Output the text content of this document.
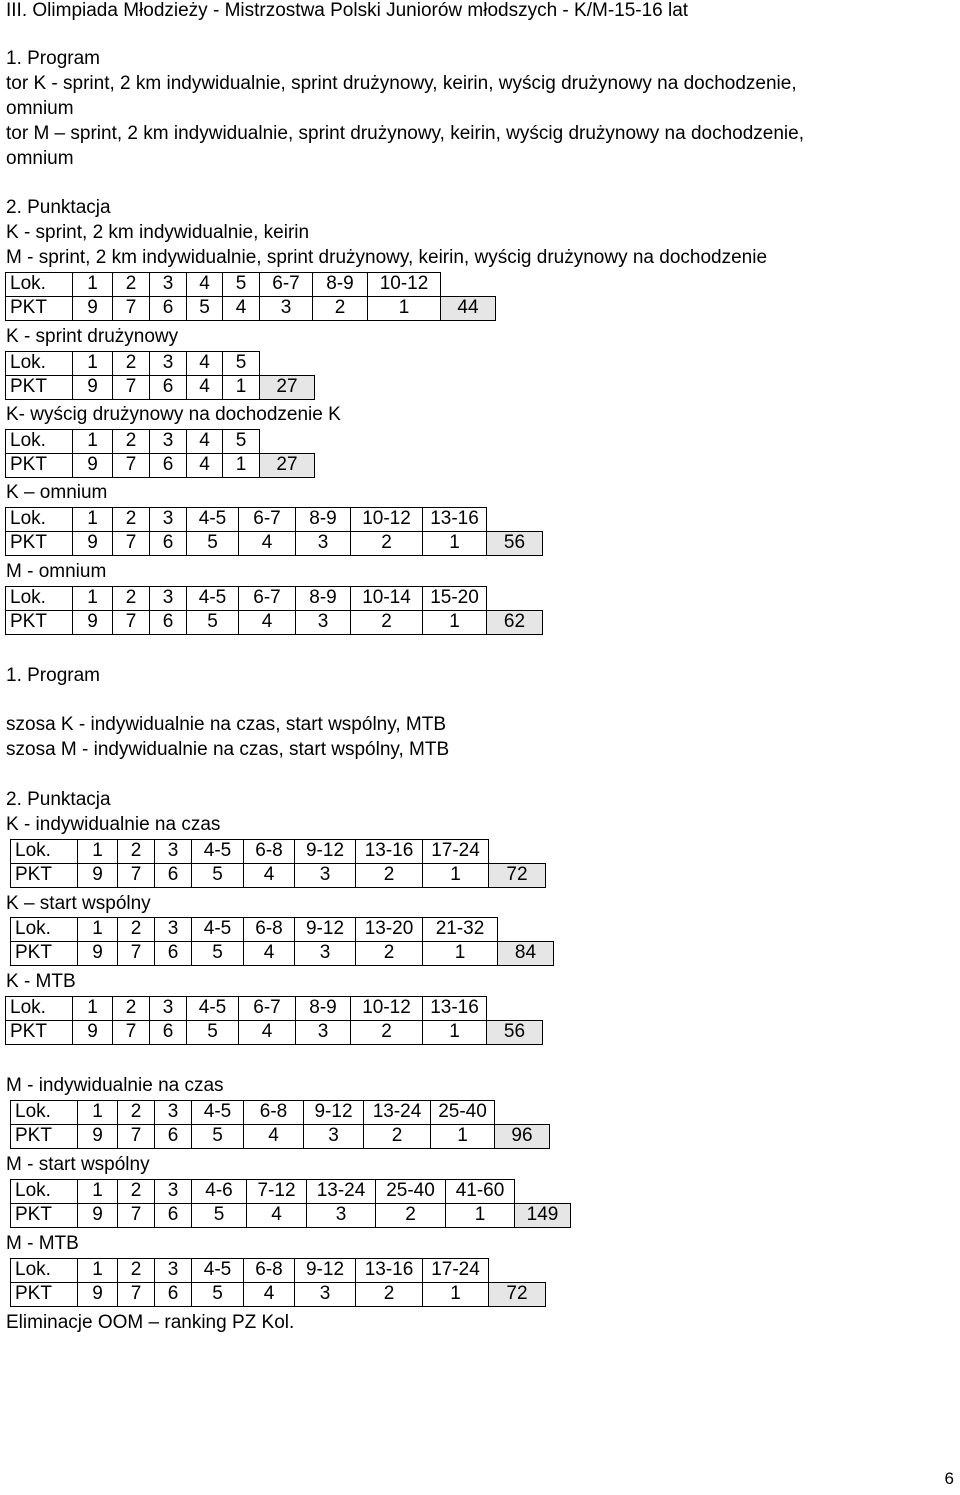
III. Olimpiada Młodzieży - Mistrzostwa Polski Juniorów młodszych - K/M-15-16 lat
1. Program
tor K - sprint, 2 km indywidualnie, sprint drużynowy, keirin, wyścig drużynowy na dochodzenie,
omnium
tor M – sprint, 2 km indywidualnie, sprint drużynowy, keirin, wyścig drużynowy na dochodzenie,
omnium
2. Punktacja
K - sprint, 2 km indywidualnie, keirin
M - sprint, 2 km indywidualnie, sprint drużynowy, keirin, wyścig drużynowy na dochodzenie
Lok.	1	2	3	4	5	6-7	8-9	10-12	
PKT	9	7	6	5	4	3	2	1	44
K - sprint drużynowy
Lok.	1	2	3	4	5	
PKT	9	7	6	4	1	27
K- wyścig drużynowy na dochodzenie K
Lok.	1	2	3	4	5	
PKT	9	7	6	4	1	27
K – omnium
Lok.	1	2	3	4-5	6-7	8-9	10-12	13-16	
PKT	9	7	6	5	4	3	2	1	56
M - omnium
Lok.	1	2	3	4-5	6-7	8-9	10-14	15-20	
PKT	9	7	6	5	4	3	2	1	62
1. Program
szosa K - indywidualnie na czas, start wspólny, MTB
szosa M - indywidualnie na czas, start wspólny, MTB
2. Punktacja
K - indywidualnie na czas
Lok.	1	2	3	4-5	6-8	9-12	13-16	17-24	
PKT	9	7	6	5	4	3	2	1	72
K – start wspólny
Lok.	1	2	3	4-5	6-8	9-12	13-20	21-32	
PKT	9	7	6	5	4	3	2	1	84
K - MTB
Lok.	1	2	3	4-5	6-7	8-9	10-12	13-16	
PKT	9	7	6	5	4	3	2	1	56
M - indywidualnie na czas
Lok.	1	2	3	4-5	6-8	9-12	13-24	25-40	
PKT	9	7	6	5	4	3	2	1	96
M - start wspólny
Lok.	1	2	3	4-6	7-12	13-24	25-40	41-60	
PKT	9	7	6	5	4	3	2	1	149
M - MTB
Lok.	1	2	3	4-5	6-8	9-12	13-16	17-24	
PKT	9	7	6	5	4	3	2	1	72
Eliminacje OOM – ranking PZ Kol.
6
